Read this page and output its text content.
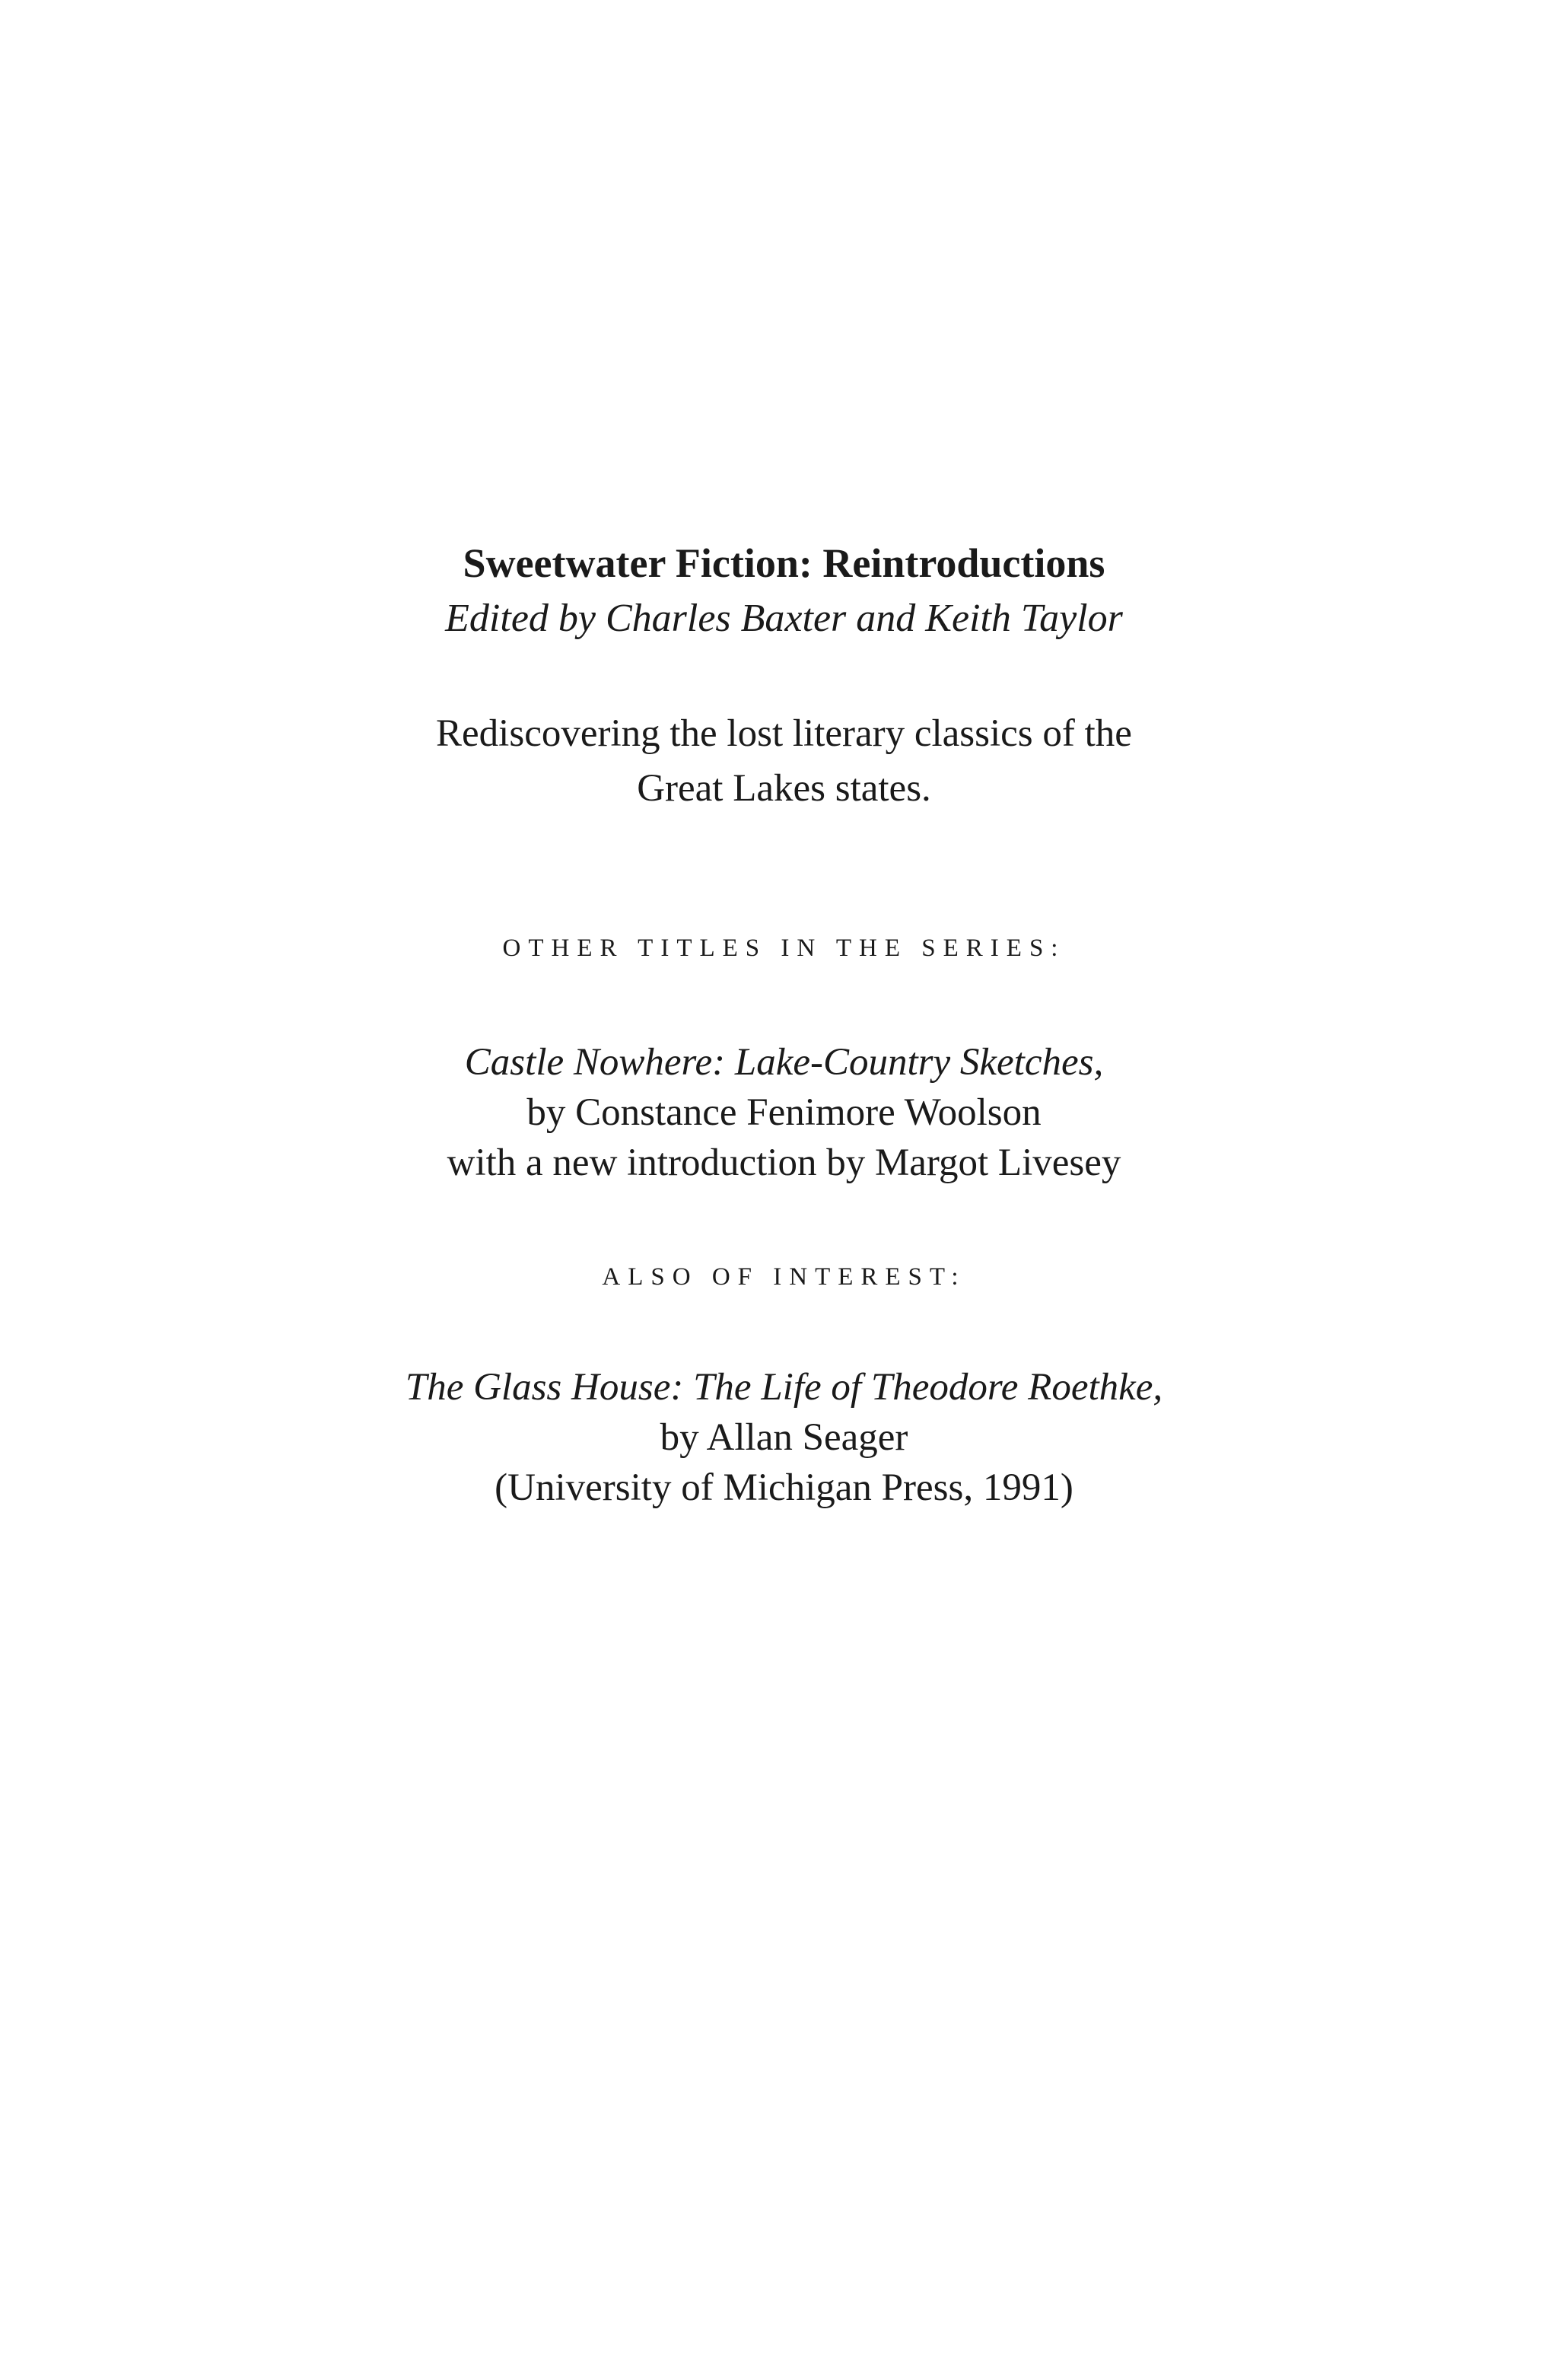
Sweetwater Fiction: Reintroductions
Edited by Charles Baxter and Keith Taylor
Rediscovering the lost literary classics of the
Great Lakes states.
OTHER TITLES IN THE SERIES:
Castle Nowhere: Lake-Country Sketches,
by Constance Fenimore Woolson
with a new introduction by Margot Livesey
ALSO OF INTEREST:
The Glass House: The Life of Theodore Roethke,
by Allan Seager
(University of Michigan Press, 1991)
